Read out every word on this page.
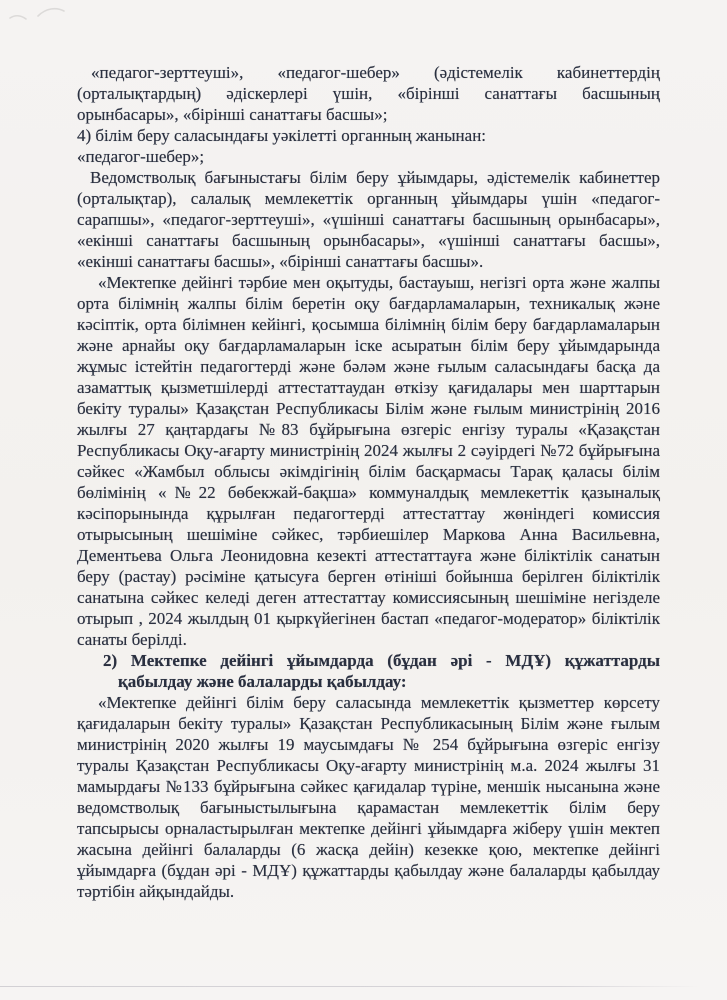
«педагог-зерттеуші», «педагог-шебер» (әдістемелік кабинеттердің (орталықтардың) әдіскерлері үшін, «бірінші санаттағы басшының орынбасары», «бірінші санаттағы басшы»;

4) білім беру саласындағы уәкілетті органның жанынан:

«педагог-шебер»;

Ведомстволық бағыныстағы білім беру ұйымдары, әдістемелік кабинеттер (орталықтар), салалық мемлекеттік органның ұйымдары үшін «педагог-сарапшы», «педагог-зерттеуші», «үшінші санаттағы басшының орынбасары», «екінші санаттағы басшының орынбасары», «үшінші санаттағы басшы», «екінші санаттағы басшы», «бірінші санаттағы басшы».

«Мектепке дейінгі тәрбие мен оқытуды, бастауыш, негізгі орта және жалпы орта білімнің жалпы білім беретін оқу бағдарламаларын, техникалық және кәсіптік, орта білімнен кейінгі, қосымша білімнің білім беру бағдарламаларын және арнайы оқу бағдарламаларын іске асыратын білім беру ұйымдарында жұмыс істейтін педагогтерді және бәләм және ғылым саласындағы басқа да азаматтық қызметшілерді аттестаттаудан өткізу қағидалары мен шарттарын бекіту туралы» Қазақстан Республикасы Білім және ғылым министрінің 2016 жылғы 27 қаңтардағы №83 бұйрығына өзгеріс енгізу туралы «Қазақстан Республикасы Оқу-ағарту министрінің 2024 жылғы 2 сәуірдегі №72 бұйрығына сәйкес «Жамбыл облысы әкімдігінің білім басқармасы Тарақ қаласы білім бөлімінің «№22 бөбекжай-бақша» коммуналдық мемлекеттік қазыналық кәсіпорынында құрылған педагогтерді аттестаттау жөніндегі комиссия отырысының шешіміне сәйкес, тәрбиешілер Маркова Анна Васильевна, Дементьева Ольга Леонидовна кезекті аттестаттауға және біліктілік санатын беру (растау) рәсіміне қатысуға берген өтініші бойынша берілген біліктілік санатына сәйкес келеді деген аттестаттау комиссиясының шешіміне негізделе отырып , 2024 жылдың 01 қыркүйегінен бастап «педагог-модератор» біліктілік санаты берілді.

2) Мектепке дейінгі ұйымдарда (бұдан әрі - МДҰ) құжаттарды қабылдау және балаларды қабылдау:

«Мектепке дейінгі білім беру саласында мемлекеттік қызметтер көрсету қағидаларын бекіту туралы» Қазақстан Республикасының Білім және ғылым министрінің 2020 жылғы 19 маусымдағы № 254 бұйрығына өзгеріс енгізу туралы Қазақстан Республикасы Оқу-ағарту министрінің м.а. 2024 жылғы 31 мамырдағы №133 бұйрығына сәйкес қағидалар түріне, меншік нысанына және ведомстволық бағыныстылығына қарамастан мемлекеттік білім беру тапсырысы орналастырылған мектепке дейінгі ұйымдарға жіберу үшін мектеп жасына дейінгі балаларды (6 жасқа дейін) кезекке қою, мектепке дейінгі ұйымдарға (бұдан әрі - МДҰ) құжаттарды қабылдау және балаларды қабылдау тәртібін айқындайды.
